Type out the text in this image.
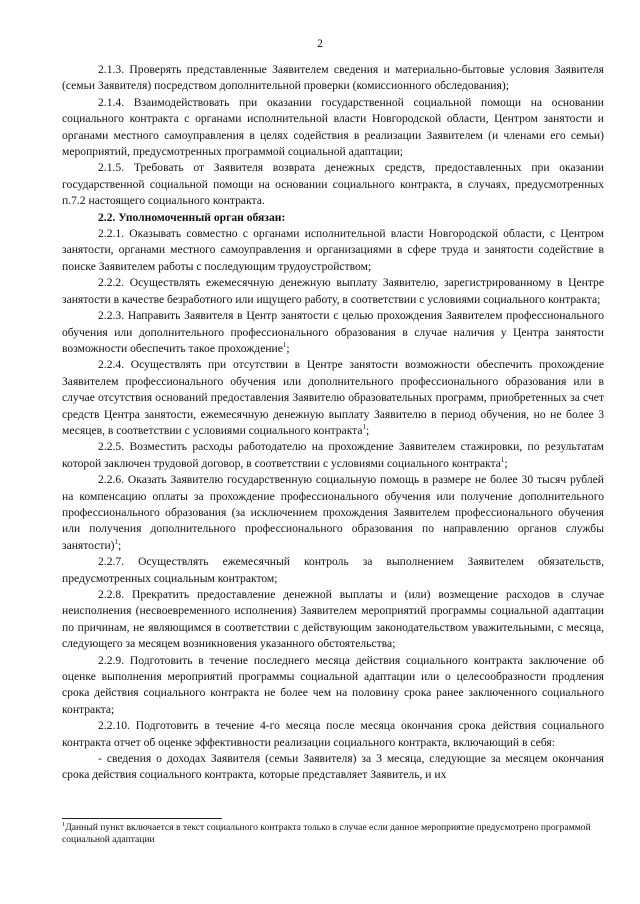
2

2.1.3. Проверять представленные Заявителем сведения и материально-бытовые условия Заявителя (семьи Заявителя) посредством дополнительной проверки (комиссионного обследования);

2.1.4. Взаимодействовать при оказании государственной социальной помощи на основании социального контракта с органами исполнительной власти Новгородской области, Центром занятости и органами местного самоуправления в целях содействия в реализации Заявителем (и членами его семьи) мероприятий, предусмотренных программой социальной адаптации;

2.1.5. Требовать от Заявителя возврата денежных средств, предоставленных при оказании государственной социальной помощи на основании социального контракта, в случаях, предусмотренных п.7.2 настоящего социального контракта.

2.2. Уполномоченный орган обязан:

2.2.1. Оказывать совместно с органами исполнительной власти Новгородской области, с Центром занятости, органами местного самоуправления и организациями в сфере труда и занятости содействие в поиске Заявителем работы с последующим трудоустройством;

2.2.2. Осуществлять ежемесячную денежную выплату Заявителю, зарегистрированному в Центре занятости в качестве безработного или ищущего работу, в соответствии с условиями социального контракта;

2.2.3. Направить Заявителя в Центр занятости с целью прохождения Заявителем профессионального обучения или дополнительного профессионального образования в случае наличия у Центра занятости возможности обеспечить такое прохождение$^1$;

2.2.4. Осуществлять при отсутствии в Центре занятости возможности обеспечить прохождение Заявителем профессионального обучения или дополнительного профессионального образования или в случае отсутствия оснований предоставления Заявителю образовательных программ, приобретенных за счет средств Центра занятости, ежемесячную денежную выплату Заявителю в период обучения, но не более 3 месяцев, в соответствии с условиями социального контракта$^1$;

2.2.5. Возместить расходы работодателю на прохождение Заявителем стажировки, по результатам которой заключен трудовой договор, в соответствии с условиями социального контракта$^1$;

2.2.6. Оказать Заявителю государственную социальную помощь в размере не более 30 тысяч рублей на компенсацию оплаты за прохождение профессионального обучения или получение дополнительного профессионального образования (за исключением прохождения Заявителем профессионального обучения или получения дополнительного профессионального образования по направлению органов службы занятости)$^1$;

2.2.7. Осуществлять ежемесячный контроль за выполнением Заявителем обязательств, предусмотренных социальным контрактом;

2.2.8. Прекратить предоставление денежной выплаты и (или) возмещение расходов в случае неисполнения (несвоевременного исполнения) Заявителем мероприятий программы социальной адаптации по причинам, не являющимся в соответствии с действующим законодательством уважительными, с месяца, следующего за месяцем возникновения указанного обстоятельства;

2.2.9. Подготовить в течение последнего месяца действия социального контракта заключение об оценке выполнения мероприятий программы социальной адаптации или о целесообразности продления срока действия социального контракта не более чем на половину срока ранее заключенного социального контракта;

2.2.10. Подготовить в течение 4-го месяца после месяца окончания срока действия социального контракта отчет об оценке эффективности реализации социального контракта, включающий в себя:

- сведения о доходах Заявителя (семьи Заявителя) за 3 месяца, следующие за месяцем окончания срока действия социального контракта, которые представляет Заявитель, и их

$^1$Данный пункт включается в текст социального контракта только в случае если данное мероприятие предусмотрено программой социальной адаптации
